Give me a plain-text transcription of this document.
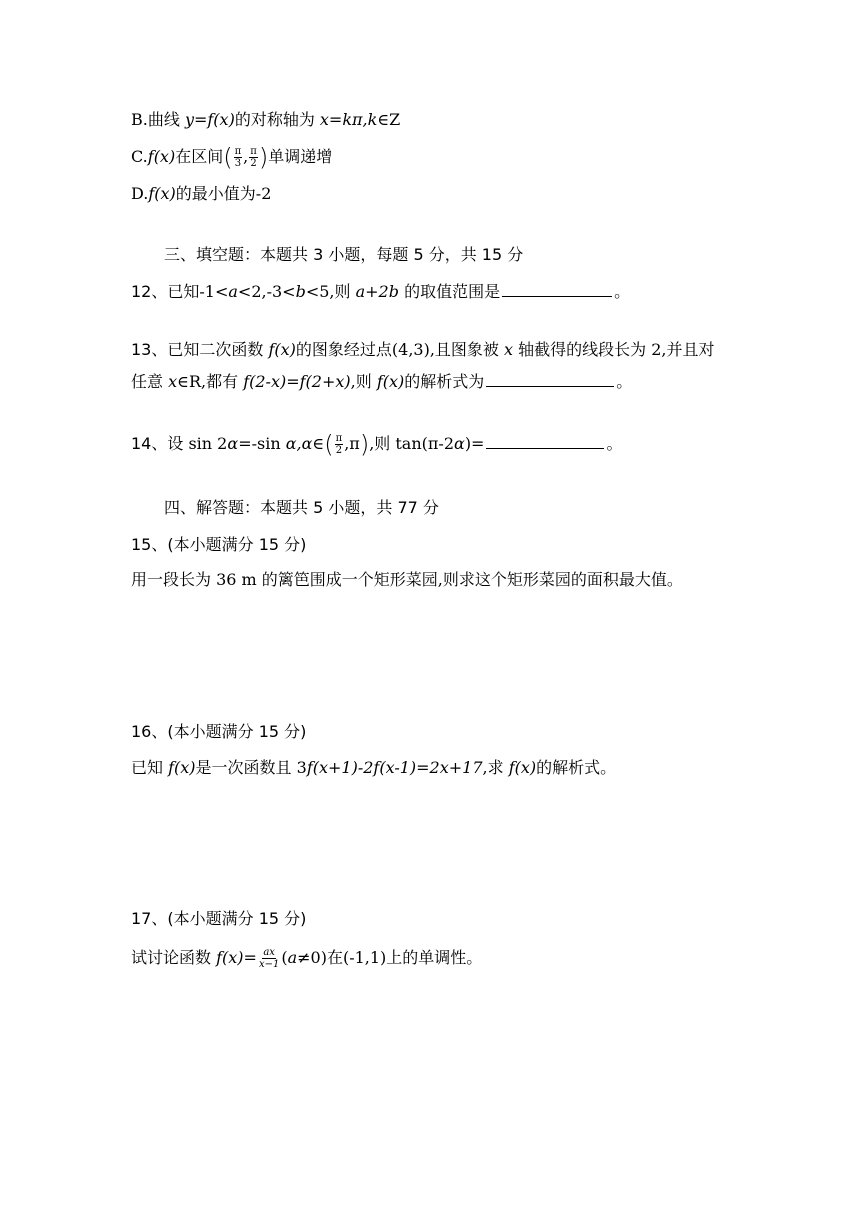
B.曲线 y=f(x)的对称轴为 x=kπ,k∈Z
C.f(x)在区间( $\frac{\pi}{3}$ , $\frac{\pi}{2}$ )单调递增
D.f(x)的最小值为-2
三、填空题：本题共 3 小题，每题 5 分，共 15 分
12、已知-1<a<2,-3<b<5,则 a+2b 的取值范围是	。
13、已知二次函数 f(x)的图象经过点(4,3),且图象被 x 轴截得的线段长为 2,并且对
任意 x∈R,都有 f(2-x)=f(2+x),则 f(x)的解析式为	。
14、设 sin 2α=-sin α,α∈( $\frac{\pi}{2} ,\pi$),则 tan(π-2α)=	。
四、解答题：本题共 5 小题，共 77 分
15、(本小题满分 15 分)
用一段长为 36 m 的篱笆围成一个矩形菜园,则求这个矩形菜园的面积最大值。
16、(本小题满分 15 分)
已知 f(x)是一次函数且 3f(x+1)-2f(x-1)=2x+17,求 f(x)的解析式。
17、(本小题满分 15 分)
试讨论函数 $f(x)= \frac{ax}{x-1} (a\ne 0)$在(-1,1)上的单调性。
